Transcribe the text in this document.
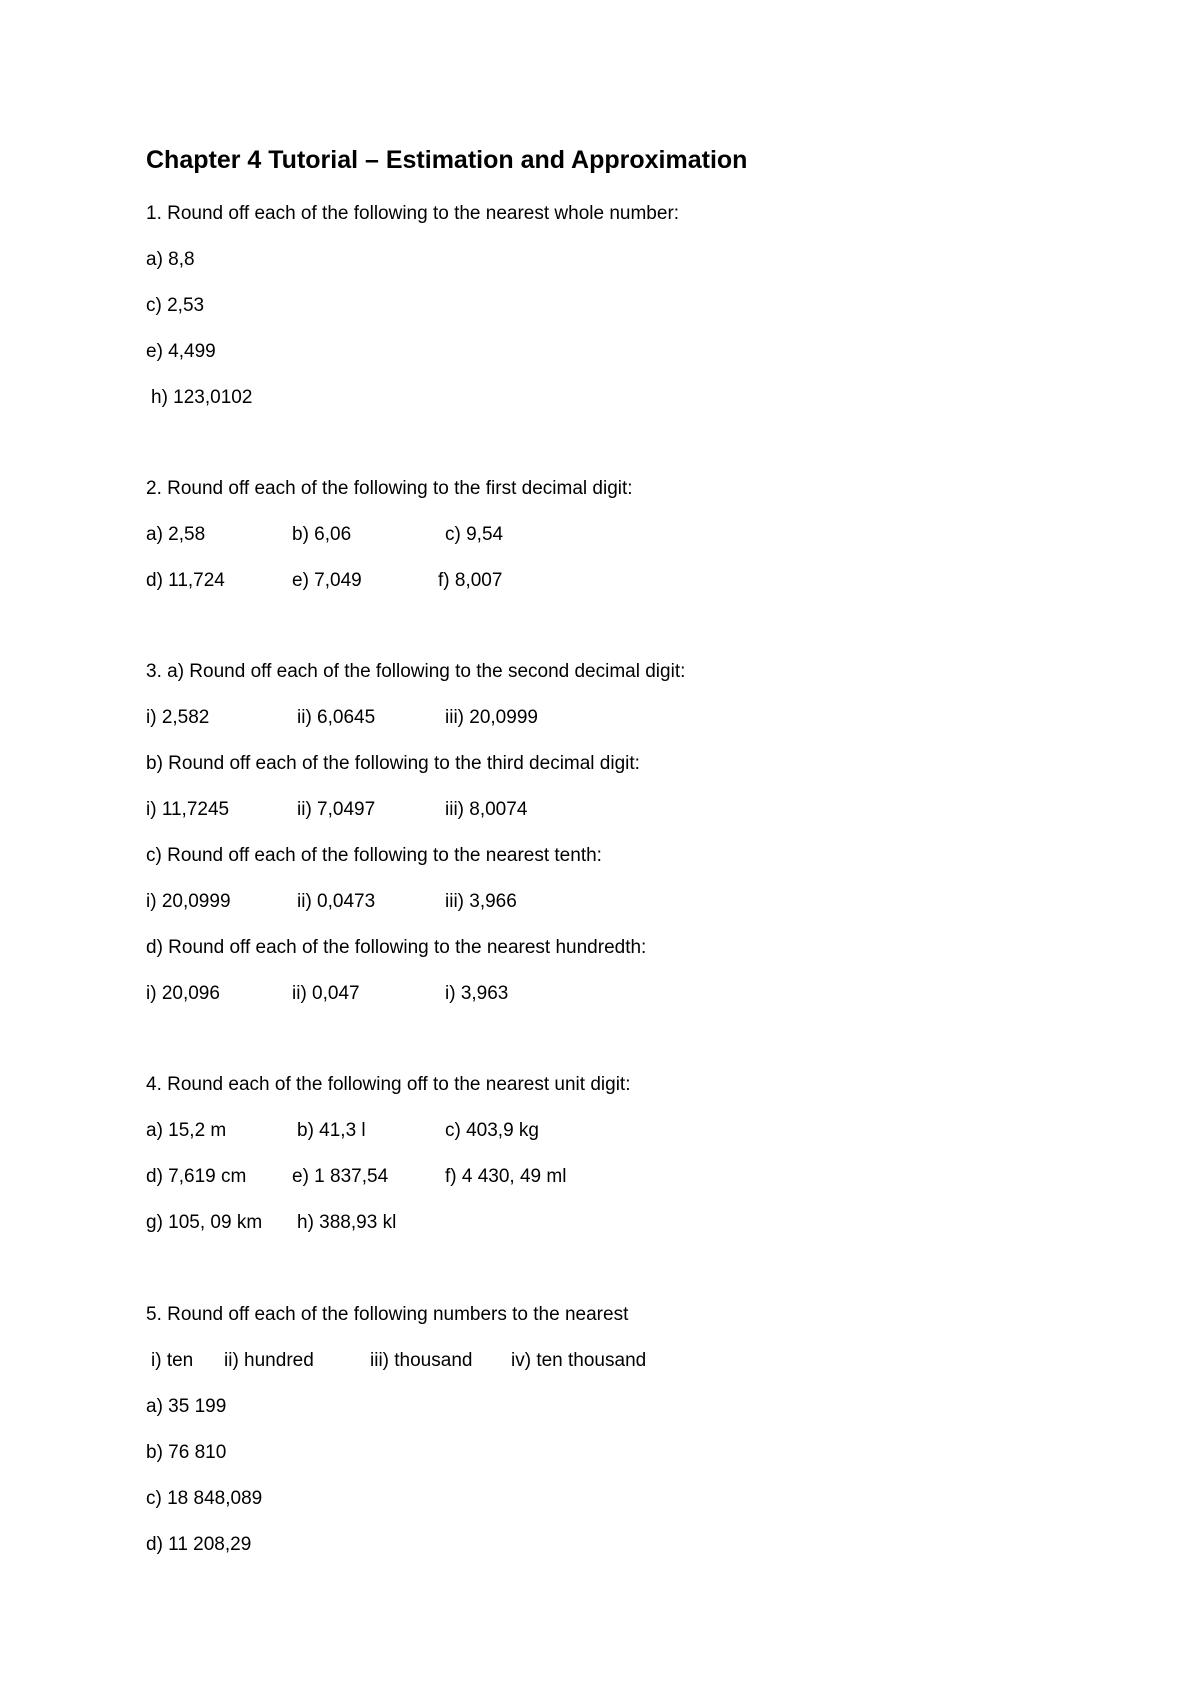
Chapter 4 Tutorial – Estimation and Approximation
1. Round off each of the following to the nearest whole number:
a) 8,8
c) 2,53
e) 4,499
h) 123,0102
2. Round off each of the following to the first decimal digit:
a) 2,58	b) 6,06	c) 9,54
d) 11,724	e) 7,049	f) 8,007
3. a) Round off each of the following to the second decimal digit:
i) 2,582	ii) 6,0645	iii) 20,0999
b) Round off each of the following to the third decimal digit:
i) 11,7245	ii) 7,0497	iii) 8,0074
c) Round off each of the following to the nearest tenth:
i) 20,0999	ii) 0,0473	iii) 3,966
d) Round off each of the following to the nearest hundredth:
i) 20,096	ii) 0,047	i) 3,963
4. Round each of the following off to the nearest unit digit:
a) 15,2 m	b) 41,3 l	c) 403,9 kg
d) 7,619 cm e) 1 837,54	f) 4 430, 49 ml
g) 105, 09 km h) 388,93 kl
5. Round off each of the following numbers to the nearest
i) ten ii) hundred	iii) thousand iv) ten thousand
a) 35 199
b) 76 810
c) 18 848,089
d) 11 208,29
